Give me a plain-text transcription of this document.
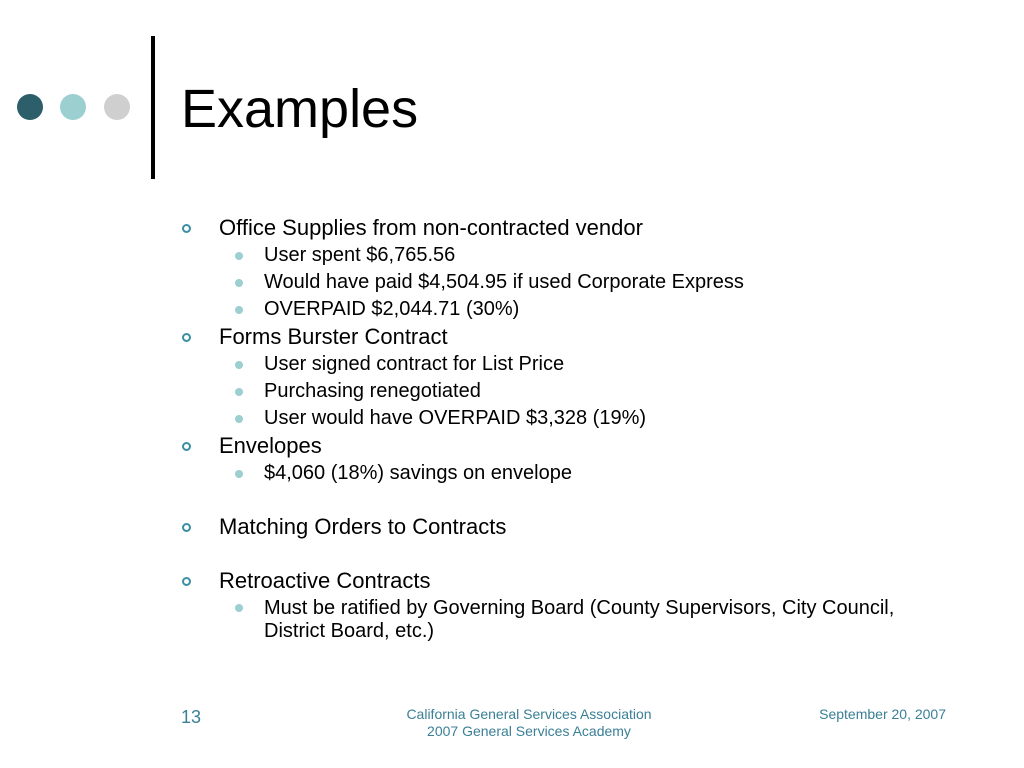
Examples
Office Supplies from non-contracted vendor
User spent $6,765.56
Would have paid $4,504.95 if used Corporate Express
OVERPAID $2,044.71 (30%)
Forms Burster Contract
User signed contract for List Price
Purchasing renegotiated
User would have OVERPAID $3,328 (19%)
Envelopes
$4,060 (18%) savings on envelope
Matching Orders to Contracts
Retroactive Contracts
Must be ratified by Governing Board (County Supervisors, City Council, District Board, etc.)
13	California General Services Association
2007 General Services Academy
September 20, 2007
